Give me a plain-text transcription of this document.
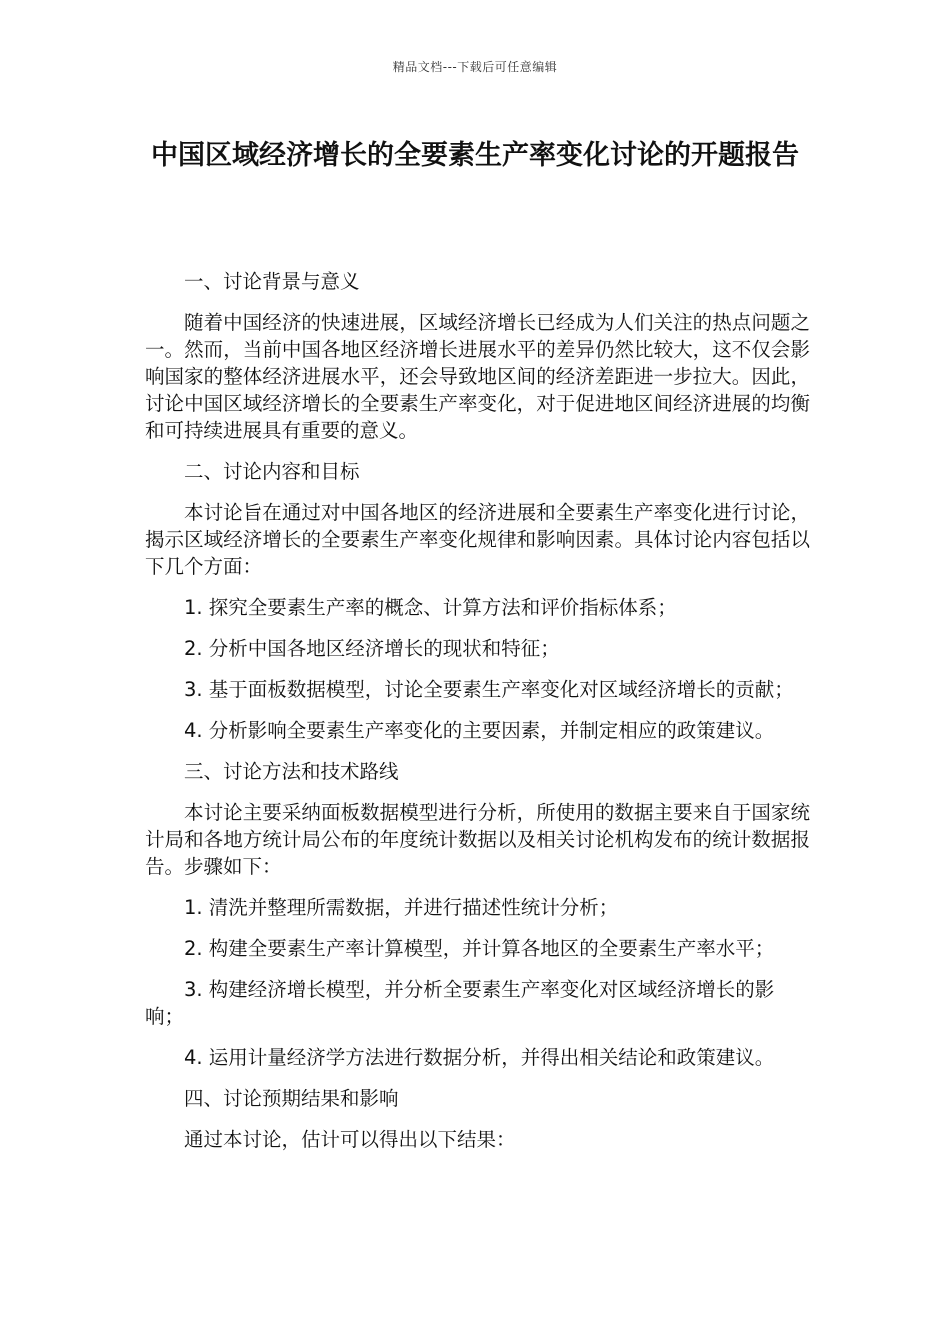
精品文档---下载后可任意编辑
中国区域经济增长的全要素生产率变化讨论的开题报告

一、讨论背景与意义

随着中国经济的快速进展，区域经济增长已经成为人们关注的热点问题之一。然而，当前中国各地区经济增长进展水平的差异仍然比较大，这不仅会影响国家的整体经济进展水平，还会导致地区间的经济差距进一步拉大。因此，讨论中国区域经济增长的全要素生产率变化，对于促进地区间经济进展的均衡和可持续进展具有重要的意义。

二、讨论内容和目标

本讨论旨在通过对中国各地区的经济进展和全要素生产率变化进行讨论，揭示区域经济增长的全要素生产率变化规律和影响因素。具体讨论内容包括以下几个方面：

1. 探究全要素生产率的概念、计算方法和评价指标体系；

2. 分析中国各地区经济增长的现状和特征；

3. 基于面板数据模型，讨论全要素生产率变化对区域经济增长的贡献；

4. 分析影响全要素生产率变化的主要因素，并制定相应的政策建议。

三、讨论方法和技术路线

本讨论主要采纳面板数据模型进行分析，所使用的数据主要来自于国家统计局和各地方统计局公布的年度统计数据以及相关讨论机构发布的统计数据报告。步骤如下：

1. 清洗并整理所需数据，并进行描述性统计分析；

2. 构建全要素生产率计算模型，并计算各地区的全要素生产率水平；

3. 构建经济增长模型，并分析全要素生产率变化对区域经济增长的影响；

4. 运用计量经济学方法进行数据分析，并得出相关结论和政策建议。

四、讨论预期结果和影响

通过本讨论，估计可以得出以下结果：
